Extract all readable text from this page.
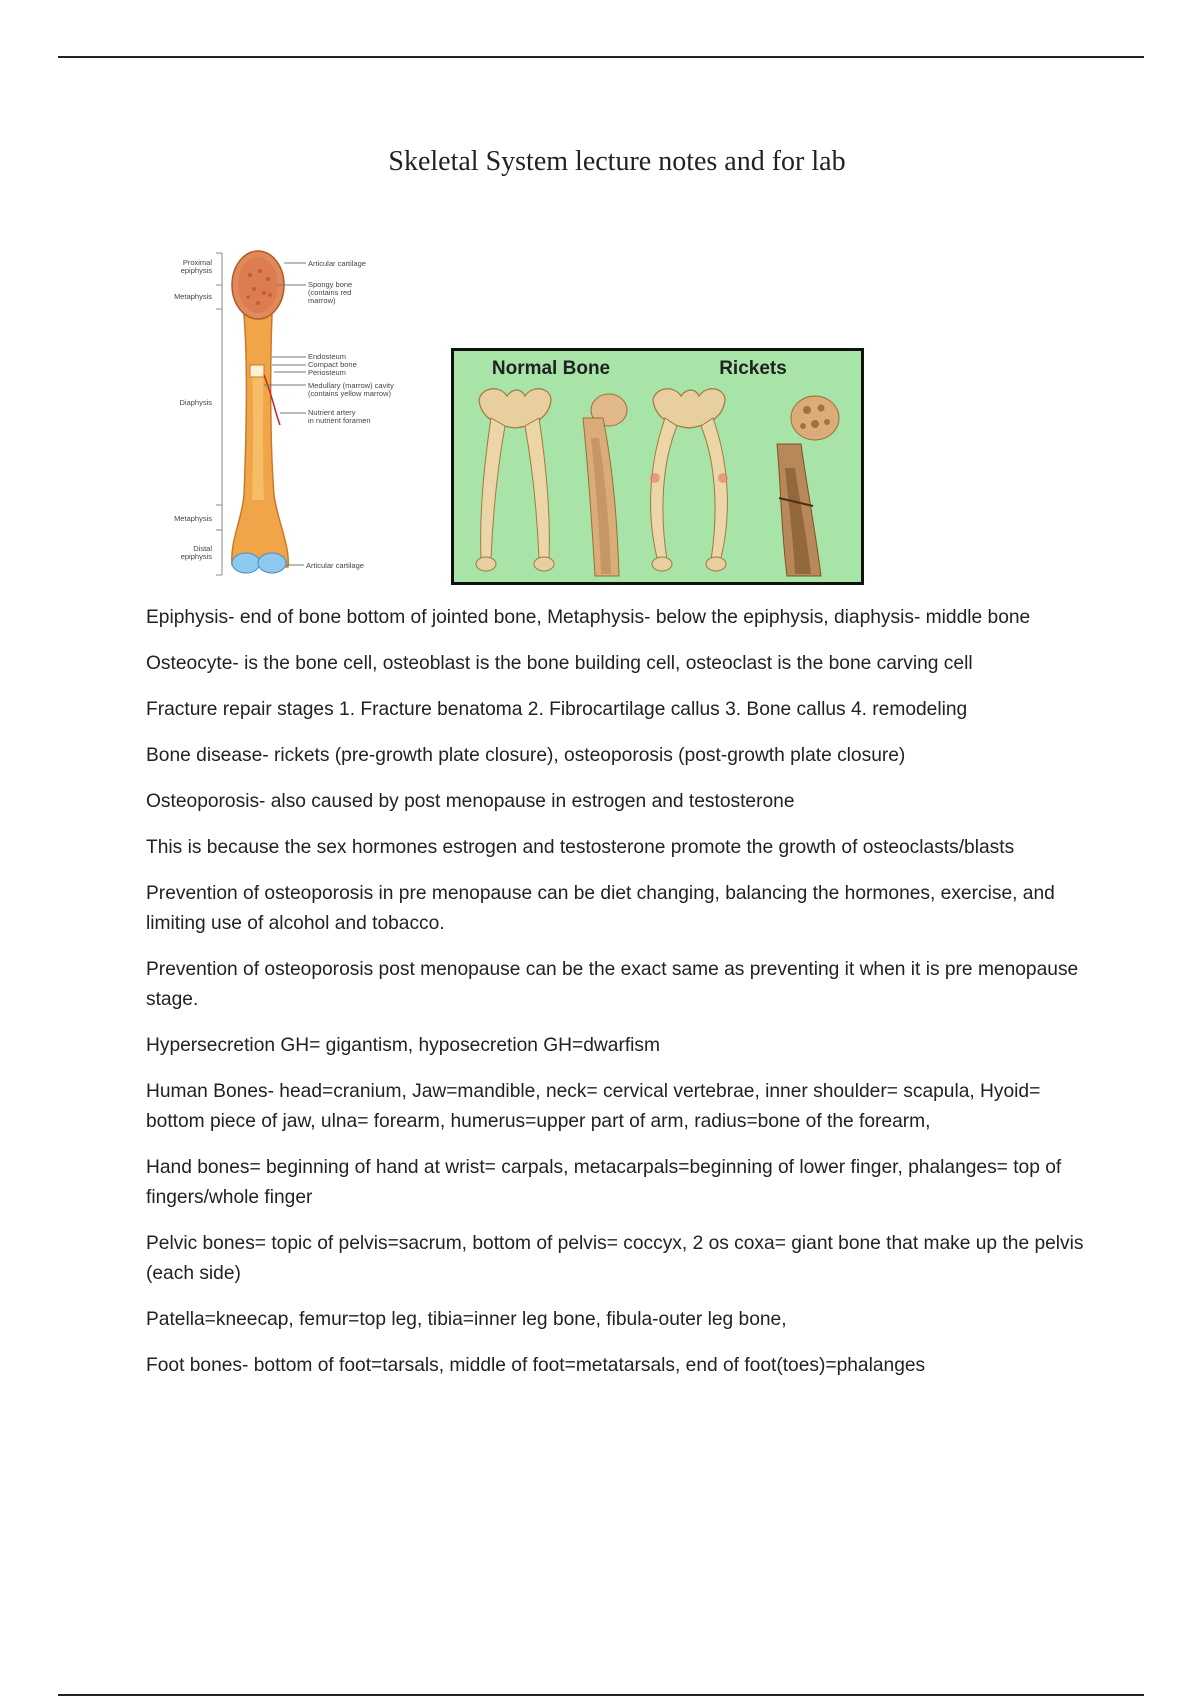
Skeletal System lecture notes and for lab
Proximal
epiphysis
Metaphysis
Diaphysis
Metaphysis
Distal
epiphysis
Articular cartilage
Spongy bone
(contains red
marrow)
Endosteum
Compact bone
Periosteum
Medullary (marrow) cavity
(contains yellow marrow)
Nutrient artery
in nutrient foramen
Articular cartilage
Normal Bone	Rickets

Epiphysis- end of bone bottom of jointed bone, Metaphysis- below the epiphysis, diaphysis- middle bone

Osteocyte- is the bone cell, osteoblast is the bone building cell, osteoclast is the bone carving cell

Fracture repair stages 1. Fracture benatoma 2. Fibrocartilage callus 3. Bone callus 4. remodeling

Bone disease- rickets (pre-growth plate closure), osteoporosis (post-growth plate closure)

Osteoporosis- also caused by post menopause in estrogen and testosterone

This is because the sex hormones estrogen and testosterone promote the growth of osteoclasts/blasts

Prevention of osteoporosis in pre menopause can be diet changing, balancing the hormones, exercise, and limiting use of alcohol and tobacco.

Prevention of osteoporosis post menopause can be the exact same as preventing it when it is pre menopause stage.

Hypersecretion GH= gigantism, hyposecretion GH=dwarfism

Human Bones- head=cranium, Jaw=mandible, neck= cervical vertebrae, inner shoulder= scapula, Hyoid= bottom piece of jaw, ulna= forearm, humerus=upper part of arm, radius=bone of the forearm,

Hand bones= beginning of hand at wrist= carpals, metacarpals=beginning of lower finger, phalanges= top of fingers/whole finger

Pelvic bones= topic of pelvis=sacrum, bottom of pelvis= coccyx, 2 os coxa= giant bone that make up the pelvis (each side)

Patella=kneecap, femur=top leg, tibia=inner leg bone, fibula-outer leg bone,

Foot bones- bottom of foot=tarsals, middle of foot=metatarsals, end of foot(toes)=phalanges
